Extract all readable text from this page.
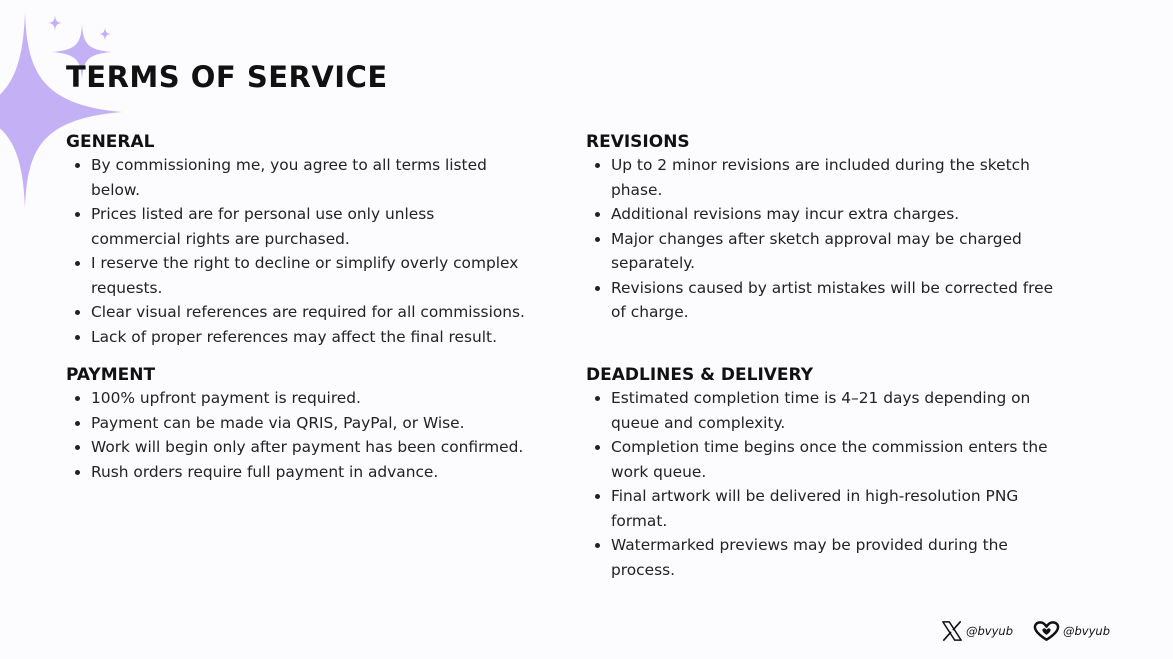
TERMS OF SERVICE
GENERAL
• By commissioning me, you agree to all terms listed below.
• Prices listed are for personal use only unless commercial rights are purchased.
• I reserve the right to decline or simplify overly complex requests.
• Clear visual references are required for all commissions.
• Lack of proper references may affect the final result.
PAYMENT
• 100% upfront payment is required.
• Payment can be made via QRIS, PayPal, or Wise.
• Work will begin only after payment has been confirmed.
• Rush orders require full payment in advance.
REVISIONS
• Up to 2 minor revisions are included during the sketch phase.
• Additional revisions may incur extra charges.
• Major changes after sketch approval may be charged separately.
• Revisions caused by artist mistakes will be corrected free of charge.
DEADLINES & DELIVERY
• Estimated completion time is 4–21 days depending on queue and complexity.
• Completion time begins once the commission enters the work queue.
• Final artwork will be delivered in high-resolution PNG format.
• Watermarked previews may be provided during the process.
@bvyub	@bvyub
